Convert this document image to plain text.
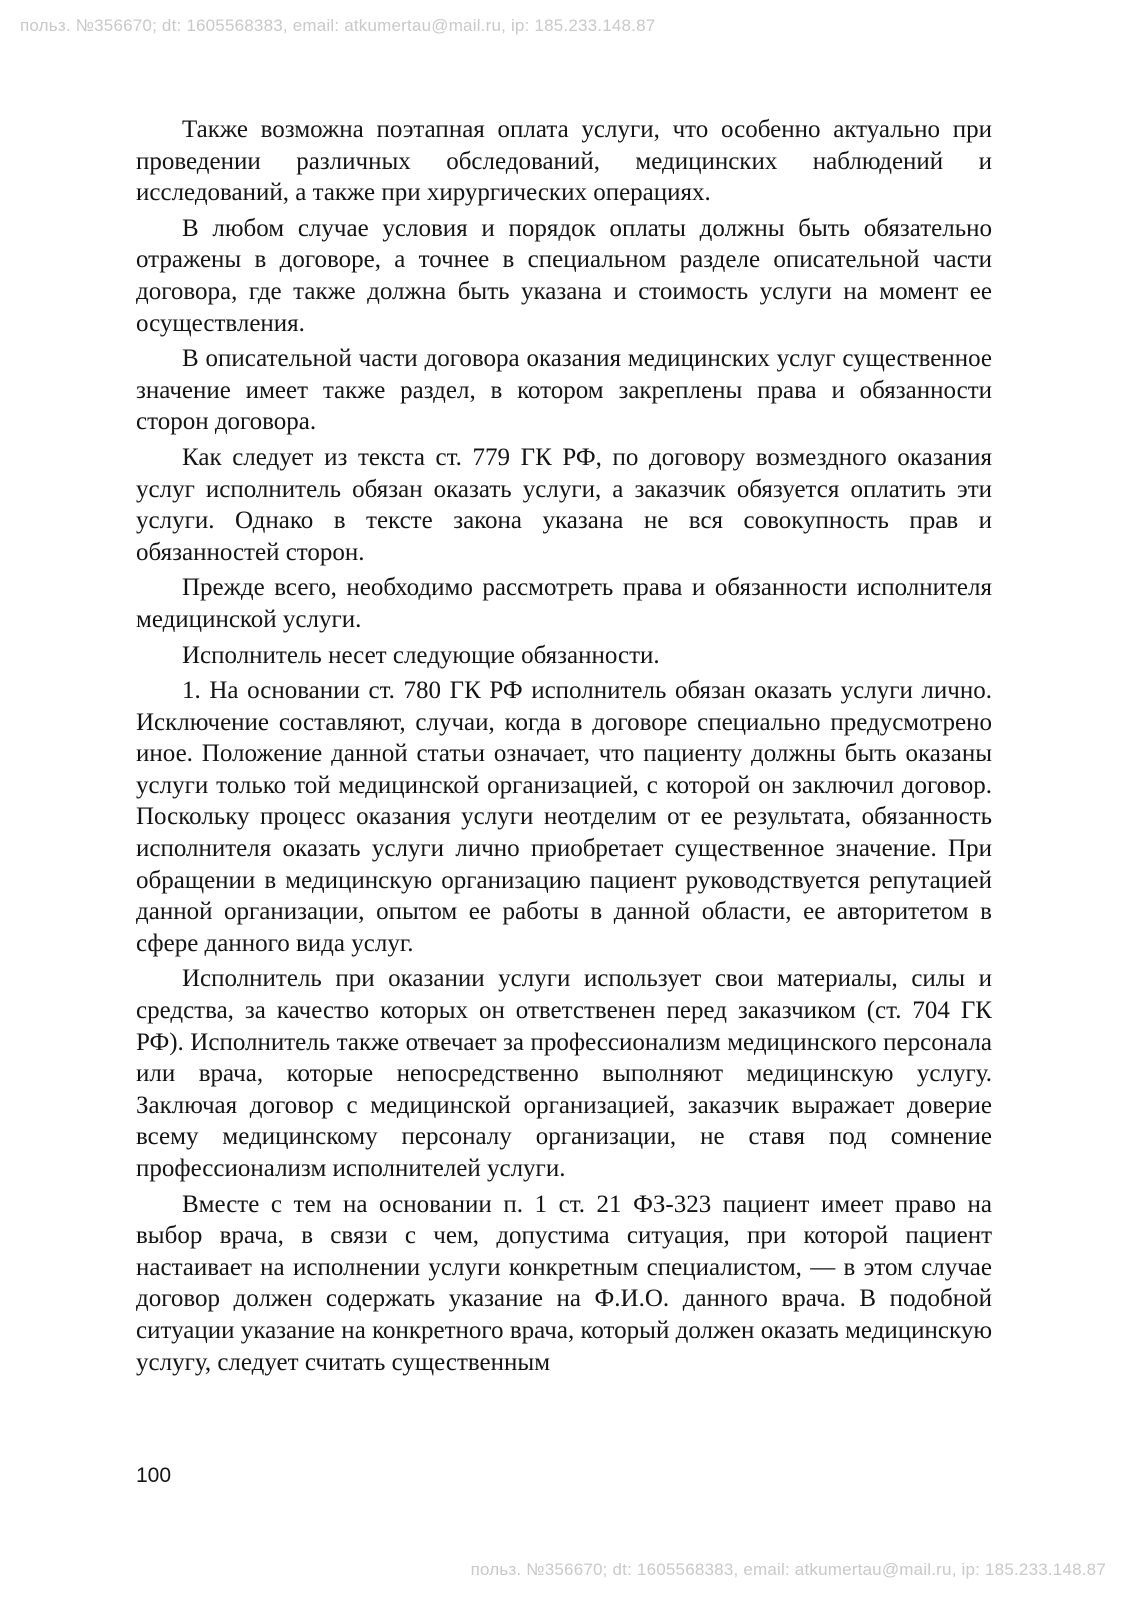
польз. №356670; dt: 1605568383, email: atkumertau@mail.ru, ip: 185.233.148.87

Также возможна поэтапная оплата услуги, что особенно актуально при проведении различных обследований, медицинских наблюдений и исследований, а также при хирургических операциях.

В любом случае условия и порядок оплаты должны быть обязательно отражены в договоре, а точнее в специальном разделе описательной части договора, где также должна быть указана и стоимость услуги на момент ее осуществления.

В описательной части договора оказания медицинских услуг существенное значение имеет также раздел, в котором закреплены права и обязанности сторон договора.

Как следует из текста ст. 779 ГК РФ, по договору возмездного оказания услуг исполнитель обязан оказать услуги, а заказчик обязуется оплатить эти услуги. Однако в тексте закона указана не вся совокупность прав и обязанностей сторон.

Прежде всего, необходимо рассмотреть права и обязанности исполнителя медицинской услуги.

Исполнитель несет следующие обязанности.

1. На основании ст. 780 ГК РФ исполнитель обязан оказать услуги лично. Исключение составляют, случаи, когда в договоре специально предусмотрено иное. Положение данной статьи означает, что пациенту должны быть оказаны услуги только той медицинской организацией, с которой он заключил договор. Поскольку процесс оказания услуги неотделим от ее результата, обязанность исполнителя оказать услуги лично приобретает существенное значение. При обращении в медицинскую организацию пациент руководствуется репутацией данной организации, опытом ее работы в данной области, ее авторитетом в сфере данного вида услуг.

Исполнитель при оказании услуги использует свои материалы, силы и средства, за качество которых он ответственен перед заказчиком (ст. 704 ГК РФ). Исполнитель также отвечает за профессионализм медицинского персонала или врача, которые непосредственно выполняют медицинскую услугу. Заключая договор с медицинской организацией, заказчик выражает доверие всему медицинскому персоналу организации, не ставя под сомнение профессионализм исполнителей услуги.

Вместе с тем на основании п. 1 ст. 21 ФЗ-323 пациент имеет право на выбор врача, в связи с чем, допустима ситуация, при которой пациент настаивает на исполнении услуги конкретным специалистом, — в этом случае договор должен содержать указание на Ф.И.О. данного врача. В подобной ситуации указание на конкретного врача, который должен оказать медицинскую услугу, следует считать существенным

100
польз. №356670; dt: 1605568383, email: atkumertau@mail.ru, ip: 185.233.148.87
